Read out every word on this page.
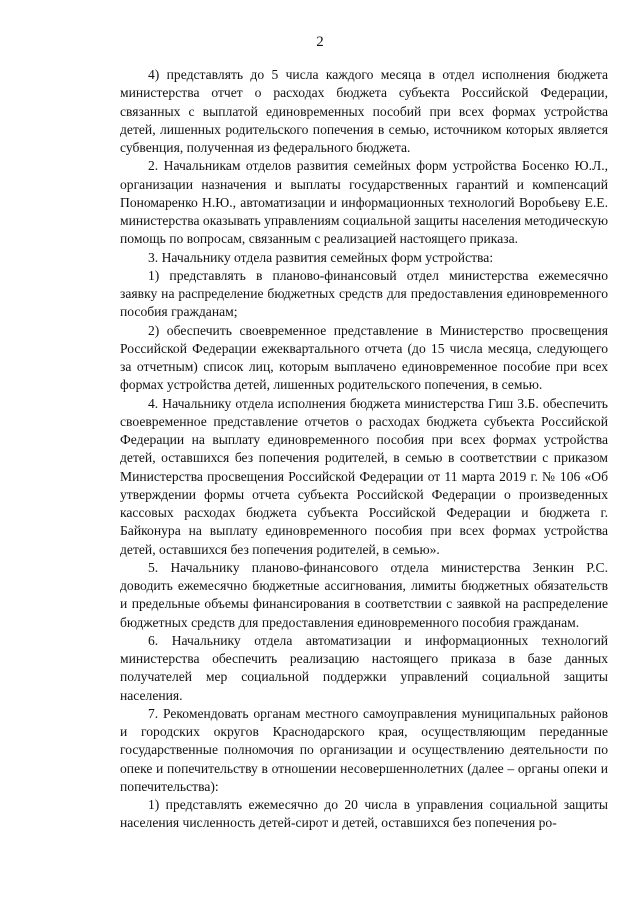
2

4) представлять до 5 числа каждого месяца в отдел исполнения бюджета министерства отчет о расходах бюджета субъекта Российской Федерации, связанных с выплатой единовременных пособий при всех формах устройства детей, лишенных родительского попечения в семью, источником которых является субвенция, полученная из федерального бюджета.

2. Начальникам отделов развития семейных форм устройства Босенко Ю.Л., организации назначения и выплаты государственных гарантий и компенсаций Пономаренко Н.Ю., автоматизации и информационных технологий Воробьеву Е.Е. министерства оказывать управлениям социальной защиты населения методическую помощь по вопросам, связанным с реализацией настоящего приказа.

3. Начальнику отдела развития семейных форм устройства:

1) представлять в планово-финансовый отдел министерства ежемесячно заявку на распределение бюджетных средств для предоставления единовременного пособия гражданам;

2) обеспечить своевременное представление в Министерство просвещения Российской Федерации ежеквартального отчета (до 15 числа месяца, следующего за отчетным) список лиц, которым выплачено единовременное пособие при всех формах устройства детей, лишенных родительского попечения, в семью.

4. Начальнику отдела исполнения бюджета министерства Гиш З.Б. обеспечить своевременное представление отчетов о расходах бюджета субъекта Российской Федерации на выплату единовременного пособия при всех формах устройства детей, оставшихся без попечения родителей, в семью в соответствии с приказом Министерства просвещения Российской Федерации от 11 марта 2019 г. № 106 «Об утверждении формы отчета субъекта Российской Федерации о произведенных кассовых расходах бюджета субъекта Российской Федерации и бюджета г. Байконура на выплату единовременного пособия при всех формах устройства детей, оставшихся без попечения родителей, в семью».

5. Начальнику планово-финансового отдела министерства Зенкин Р.С. доводить ежемесячно бюджетные ассигнования, лимиты бюджетных обязательств и предельные объемы финансирования в соответствии с заявкой на распределение бюджетных средств для предоставления единовременного пособия гражданам.

6. Начальнику отдела автоматизации и информационных технологий министерства обеспечить реализацию настоящего приказа в базе данных получателей мер социальной поддержки управлений социальной защиты населения.

7. Рекомендовать органам местного самоуправления муниципальных районов и городских округов Краснодарского края, осуществляющим переданные государственные полномочия по организации и осуществлению деятельности по опеке и попечительству в отношении несовершеннолетних (далее – органы опеки и попечительства):

1) представлять ежемесячно до 20 числа в управления социальной защиты населения численность детей-сирот и детей, оставшихся без попечения ро-
